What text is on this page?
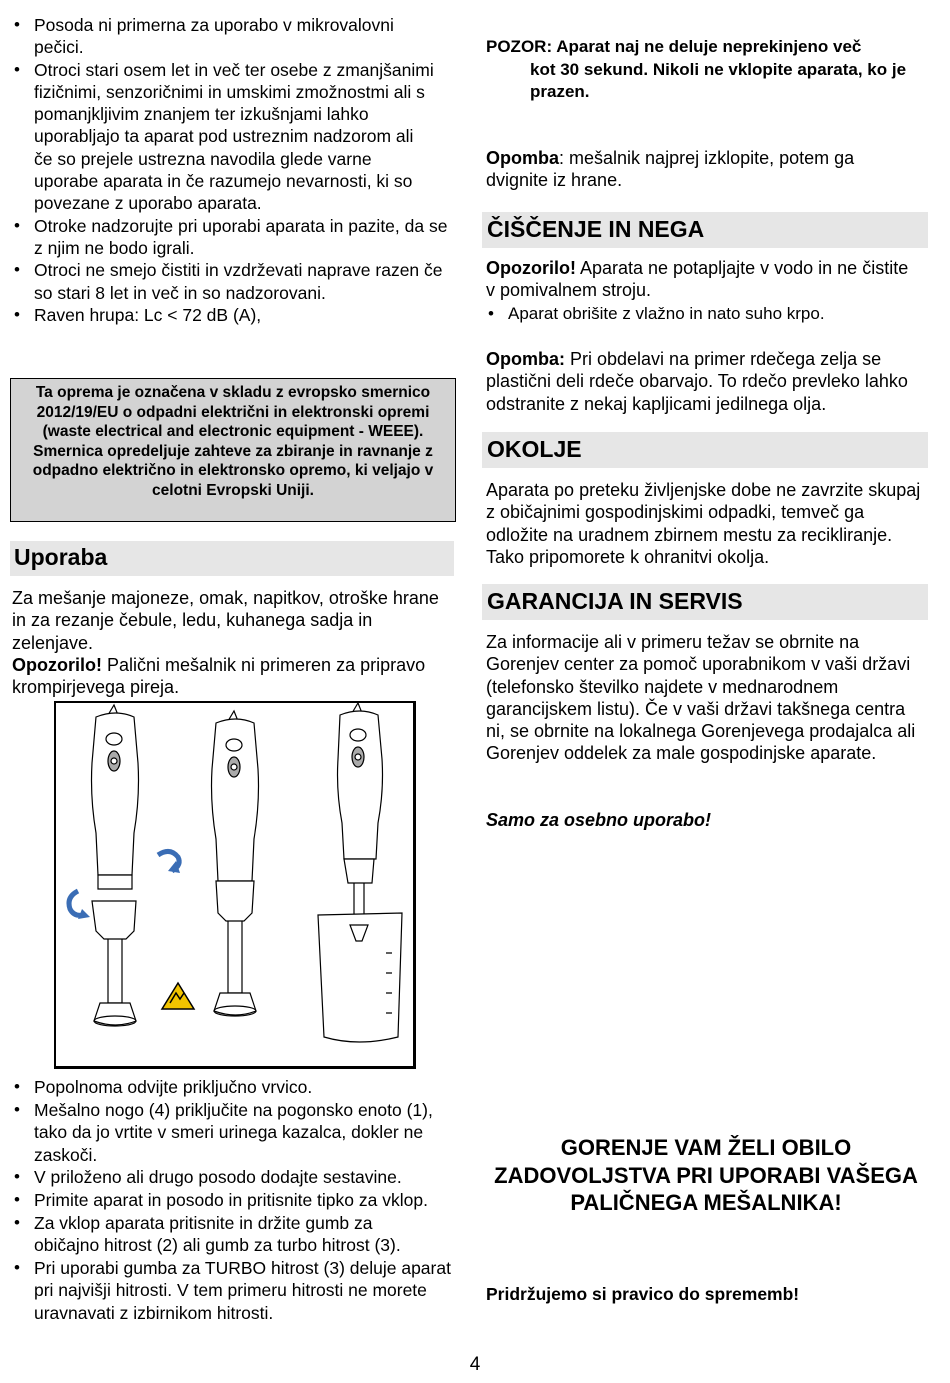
• Posoda ni primerna za uporabo v mikrovalovni pečici.
• Otroci stari osem let in več ter osebe z zmanjšanimi fizičnimi, senzoričnimi in umskimi zmožnostmi ali s pomanjkljivim znanjem ter izkušnjami lahko uporabljajo ta aparat pod ustreznim nadzorom ali če so prejele ustrezna navodila glede varne uporabe aparata in če razumejo nevarnosti, ki so povezane z uporabo aparata.
• Otroke nadzorujte pri uporabi aparata in pazite, da se z njim ne bodo igrali.
• Otroci ne smejo čistiti in vzdrževati naprave razen če so stari 8 let in več in so nadzorovani.
• Raven hrupa: Lc < 72 dB (A),
Ta oprema je označena v skladu z evropsko smernico 2012/19/EU o odpadni električni in elektronski opremi (waste electrical and electronic equipment - WEEE). Smernica opredeljuje zahteve za zbiranje in ravnanje z odpadno električno in elektronsko opremo, ki veljajo v celotni Evropski Uniji.
Uporaba

Za mešanje majoneze, omak, napitkov, otroške hrane in za rezanje čebule, ledu, kuhanega sadja in zelenjave.
Opozorilo! Palični mešalnik ni primeren za pripravo krompirjevega pireja.

• Popolnoma odvijte priključno vrvico.
• Mešalno nogo (4) priključite na pogonsko enoto (1), tako da jo vrtite v smeri urinega kazalca, dokler ne zaskoči.
• V priloženo ali drugo posodo dodajte sestavine.
• Primite aparat in posodo in pritisnite tipko za vklop.
• Za vklop aparata pritisnite in držite gumb za običajno hitrost (2) ali gumb za turbo hitrost (3).
• Pri uporabi gumba za TURBO hitrost (3) deluje aparat pri najvišji hitrosti. V tem primeru hitrosti ne morete uravnavati z izbirnikom hitrosti.
POZOR: Aparat naj ne deluje neprekinjeno več
kot 30 sekund. Nikoli ne vklopite aparata, ko je prazen.

Opomba: mešalnik najprej izklopite, potem ga dvignite iz hrane.

ČIŠČENJE IN NEGA

Opozorilo! Aparata ne potapljajte v vodo in ne čistite v pomivalnem stroju.

• Aparat obrišite z vlažno in nato suho krpo.

Opomba: Pri obdelavi na primer rdečega zelja se plastični deli rdeče obarvajo. To rdečo prevleko lahko odstranite z nekaj kapljicami jedilnega olja.

OKOLJE

Aparata po preteku življenjske dobe ne zavrzite skupaj z običajnimi gospodinjskimi odpadki, temveč ga odložite na uradnem zbirnem mestu za recikliranje. Tako pripomorete k ohranitvi okolja.

GARANCIJA IN SERVIS

Za informacije ali v primeru težav se obrnite na Gorenjev center za pomoč uporabnikom v vaši državi (telefonsko številko najdete v mednarodnem garancijskem listu). Če v vaši državi takšnega centra ni, se obrnite na lokalnega Gorenjevega prodajalca ali Gorenjev oddelek za male gospodinjske aparate.

Samo za osebno uporabo!

GORENJE VAM ŽELI OBILO ZADOVOLJSTVA PRI UPORABI VAŠEGA PALIČNEGA MEŠALNIKA!
Pridržujemo si pravico do sprememb!
4
